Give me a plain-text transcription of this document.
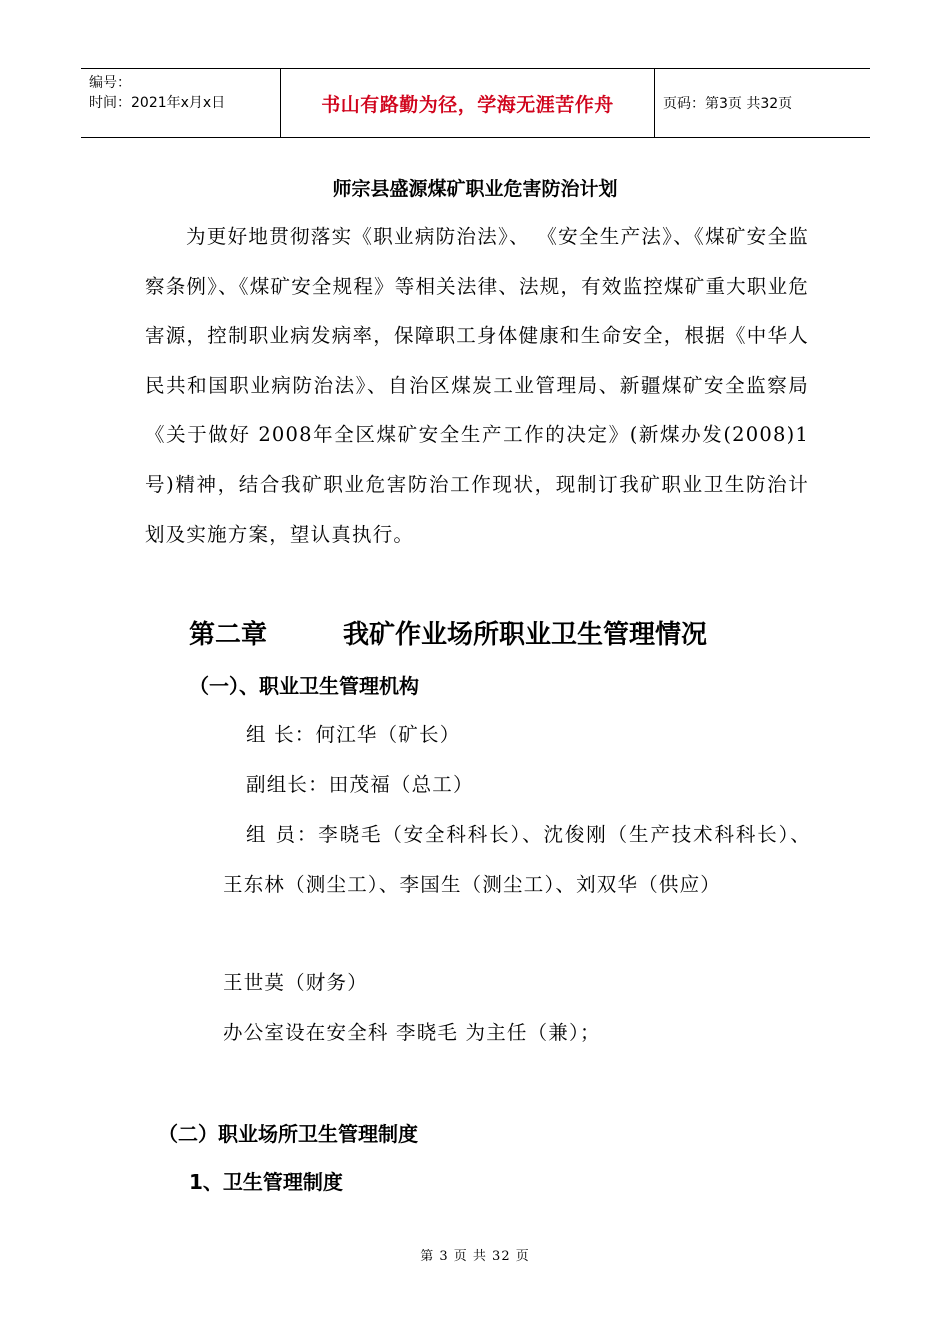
编号：
时间：2021年x月x日	书山有路勤为径，学海无涯苦作舟	页码：第3页 共32页
师宗县盛源煤矿职业危害防治计划

为更好地贯彻落实《职业病防治法》、 《安全生产法》、《煤矿安全监察条例》、《煤矿安全规程》等相关法律、法规，有效监控煤矿重大职业危害源，控制职业病发病率，保障职工身体健康和生命安全，根据《中华人民共和国职业病防治法》、自治区煤炭工业管理局、新疆煤矿安全监察局《关于做好 2008年全区煤矿安全生产工作的决定》(新煤办发(2008)1号)精神，结合我矿职业危害防治工作现状，现制订我矿职业卫生防治计划及实施方案，望认真执行。

第二章	我矿作业场所职业卫生管理情况
（一）、职业卫生管理机构
组 长：何江华（矿长）
副组长：田茂福（总工）

组 员：李晓毛（安全科科长）、沈俊刚（生产技术科科长）、王东林（测尘工）、李国生（测尘工）、刘双华（供应）

王世莫（财务）
办公室设在安全科 李晓毛 为主任（兼）；
（二）职业场所卫生管理制度
1、卫生管理制度
第 3 页 共 32 页
